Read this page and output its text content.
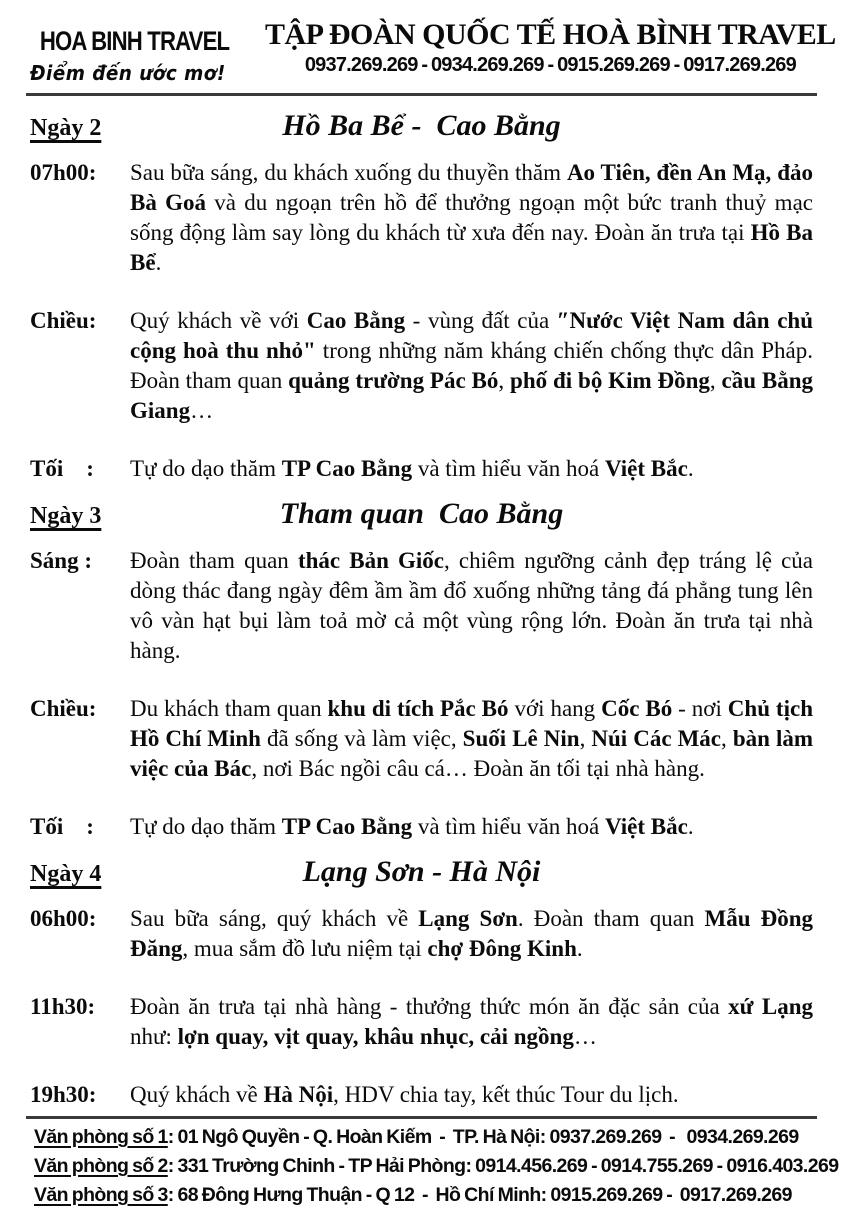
HOA BINH TRAVEL
Điểm đến ước mơ!
TẬP ĐOÀN QUỐC TẾ HOÀ BÌNH TRAVEL
0937.269.269 - 0934.269.269 - 0915.269.269 - 0917.269.269
Ngày 2	Hồ Ba Bể -  Cao Bằng
07h00:	Sau bữa sáng, du khách xuống du thuyền thăm Ao Tiên, đền An Mạ, đảo Bà Goá và du ngoạn trên hồ để thưởng ngoạn một bức tranh thuỷ mạc sống động làm say lòng du khách từ xưa đến nay. Đoàn ăn trưa tại Hồ Ba Bể.
Chiều:	Quý khách về với Cao Bằng - vùng đất của ″Nước Việt Nam dân chủ cộng hoà thu nhỏ" trong những năm kháng chiến chống thực dân Pháp. Đoàn tham quan quảng trường Pác Bó, phố đi bộ Kim Đồng, cầu Bằng Giang…
Tối    :	Tự do dạo thăm TP Cao Bằng và tìm hiểu văn hoá Việt Bắc.
Ngày 3	Tham quan  Cao Bằng
Sáng :	Đoàn tham quan thác Bản Giốc, chiêm ngưỡng cảnh đẹp tráng lệ của dòng thác đang ngày đêm ầm ầm đổ xuống những tảng đá phẳng tung lên vô vàn hạt bụi làm toả mờ cả một vùng rộng lớn. Đoàn ăn trưa tại nhà hàng.
Chiều:	Du khách tham quan khu di tích Pắc Bó với hang Cốc Bó - nơi Chủ tịch Hồ Chí Minh đã sống và làm việc, Suối Lê Nin, Núi Các Mác, bàn làm việc của Bác, nơi Bác ngồi câu cá… Đoàn ăn tối tại nhà hàng.
Tối    :	Tự do dạo thăm TP Cao Bằng và tìm hiểu văn hoá Việt Bắc.
Ngày 4	Lạng Sơn - Hà Nội
06h00:	Sau bữa sáng, quý khách về Lạng Sơn. Đoàn tham quan Mẫu Đồng Đăng, mua sắm đồ lưu niệm tại chợ Đông Kinh.
11h30:	Đoàn ăn trưa tại nhà hàng - thưởng thức món ăn đặc sản của xứ Lạng như: lợn quay, vịt quay, khâu nhục, cải ngồng…
19h30:	Quý khách về Hà Nội, HDV chia tay, kết thúc Tour du lịch.
Văn phòng số 1: 01 Ngô Quyền - Q. Hoàn Kiếm  -  TP. Hà Nội: 0937.269.269  -   0934.269.269
Văn phòng số 2: 331 Trường Chinh - TP Hải Phòng: 0914.456.269 - 0914.755.269 - 0916.403.269
Văn phòng số 3: 68 Đông Hưng Thuận - Q 12  -  Hồ Chí Minh: 0915.269.269 -  0917.269.269
